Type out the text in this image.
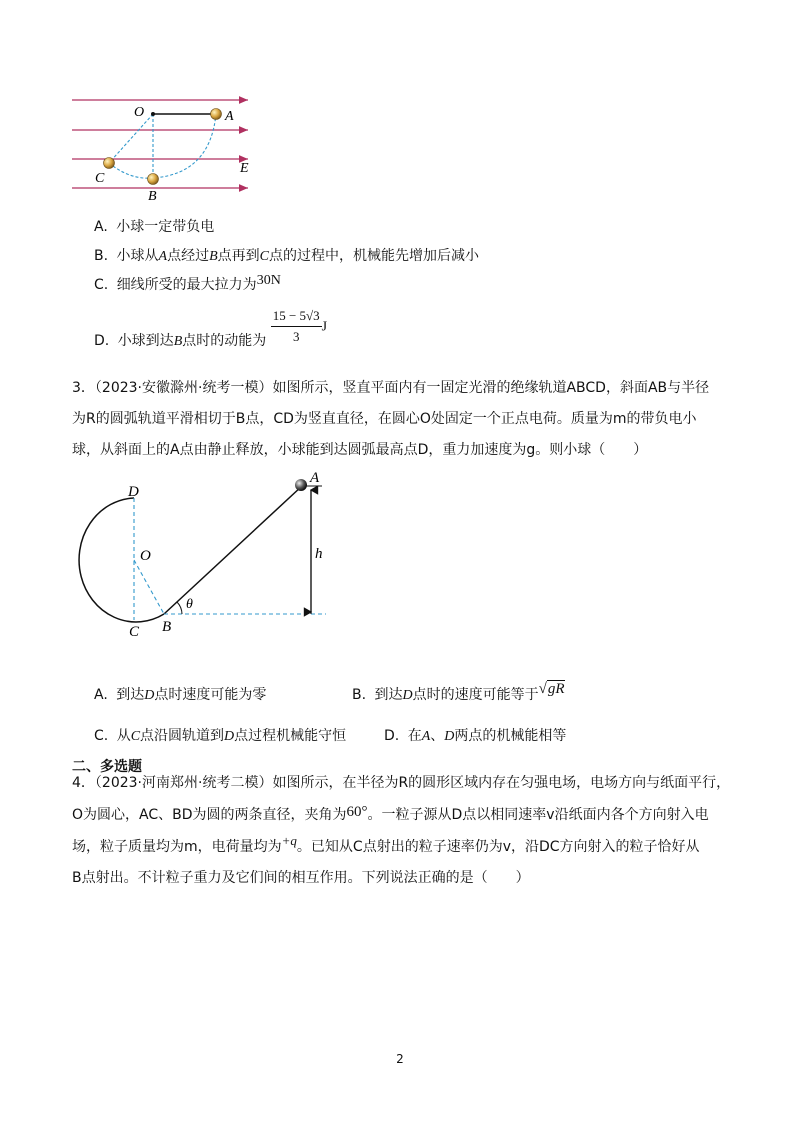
O	A
C
B
E
A. 小球一定带负电
B. 小球从A点经过B点再到C点的过程中，机械能先增加后减小
C. 细线所受的最大拉力为30N
D. 小球到达B点时的动能为 $\frac{15 - 5√3}{3}$ J
3．（2023·安徽滁州·统考一模）如图所示，竖直平面内有一固定光滑的绝缘轨道ABCD，斜面AB与半径
为R的圆弧轨道平滑相切于B点，CD为竖直直径，在圆心O处固定一个正点电荷。质量为m的带负电小
球，从斜面上的A点由静止释放，小球能到达圆弧最高点D，重力加速度为g。则小球（　　）
D
O
C B
A
h
θ
A. 到达D点时速度可能为零	B. 到达D点时的速度可能等于√gR
C. 从C点沿圆轨道到D点过程机械能守恒	D. 在A、D两点的机械能相等
二、多选题
4．（2023·河南郑州·统考二模）如图所示，在半径为R的圆形区域内存在匀强电场，电场方向与纸面平行，
O为圆心，AC、BD为圆的两条直径，夹角为60°。一粒子源从D点以相同速率v沿纸面内各个方向射入电
场，粒子质量均为m，电荷量均为+q。已知从C点射出的粒子速率仍为v，沿DC方向射入的粒子恰好从
B点射出。不计粒子重力及它们间的相互作用。下列说法正确的是（　　）
2
